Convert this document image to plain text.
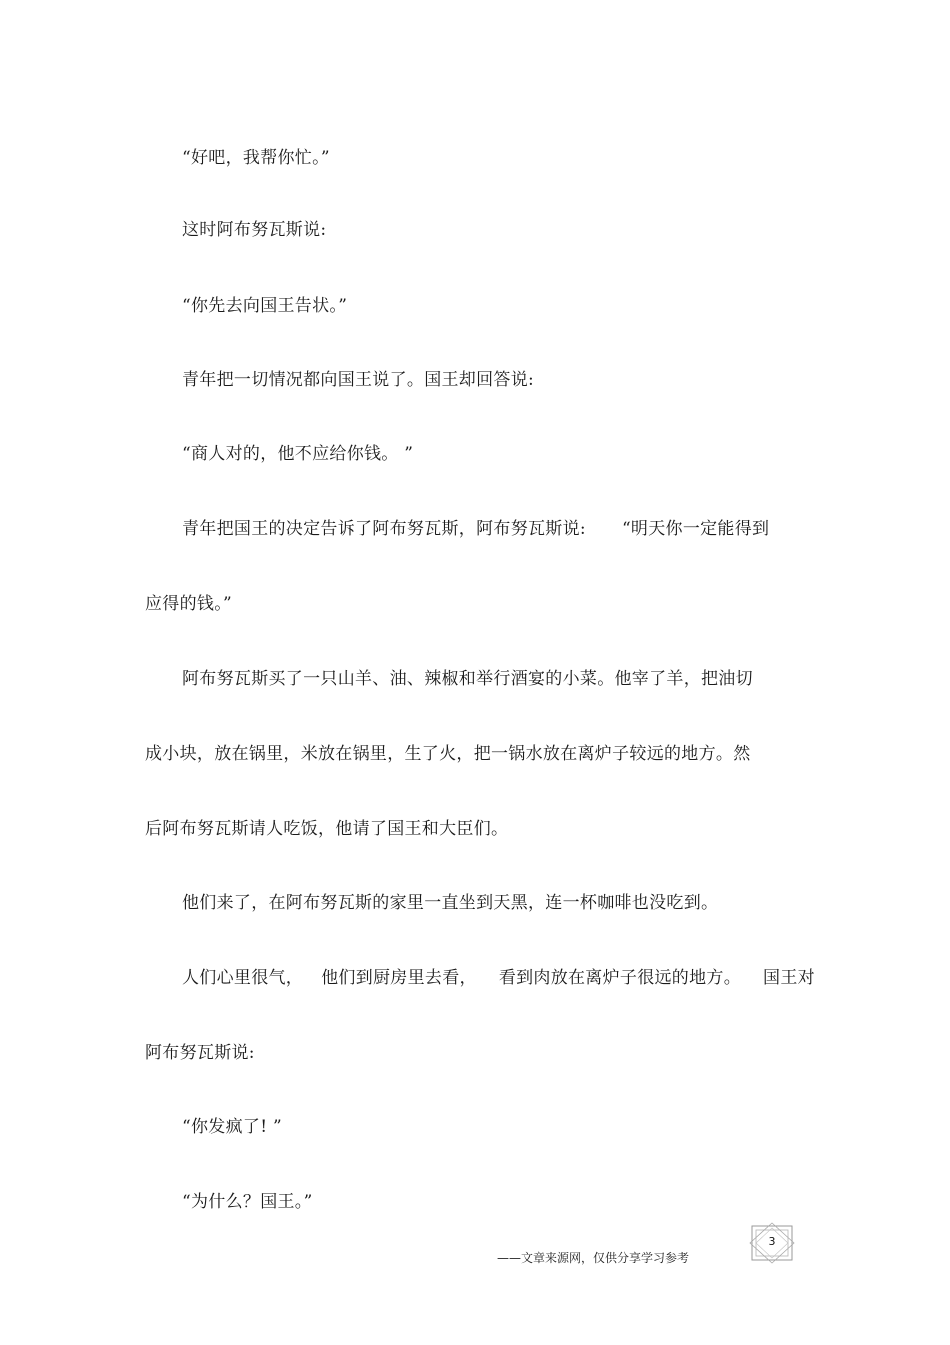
“好吧，我帮你忙。”
这时阿布努瓦斯说:
“你先去向国王告状。”
青年把一切情况都向国王说了。国王却回答说:
“商人对的，他不应给你钱。 ”
青年把国王的决定告诉了阿布努瓦斯，阿布努瓦斯说: “明天你一定能得到
应得的钱。”
阿布努瓦斯买了一只山羊、油、辣椒和举行酒宴的小菜。他宰了羊，把油切
成小块，放在锅里，米放在锅里，生了火，把一锅水放在离炉子较远的地方。然
后阿布努瓦斯请人吃饭，他请了国王和大臣们。
他们来了，在阿布努瓦斯的家里一直坐到天黑，连一杯咖啡也没吃到。
人们心里很气， 他们到厨房里去看， 看到肉放在离炉子很远的地方。 国王对
阿布努瓦斯说:
“你发疯了! ”
“为什么？国王。”
——文章来源网，仅供分享学习参考
3
